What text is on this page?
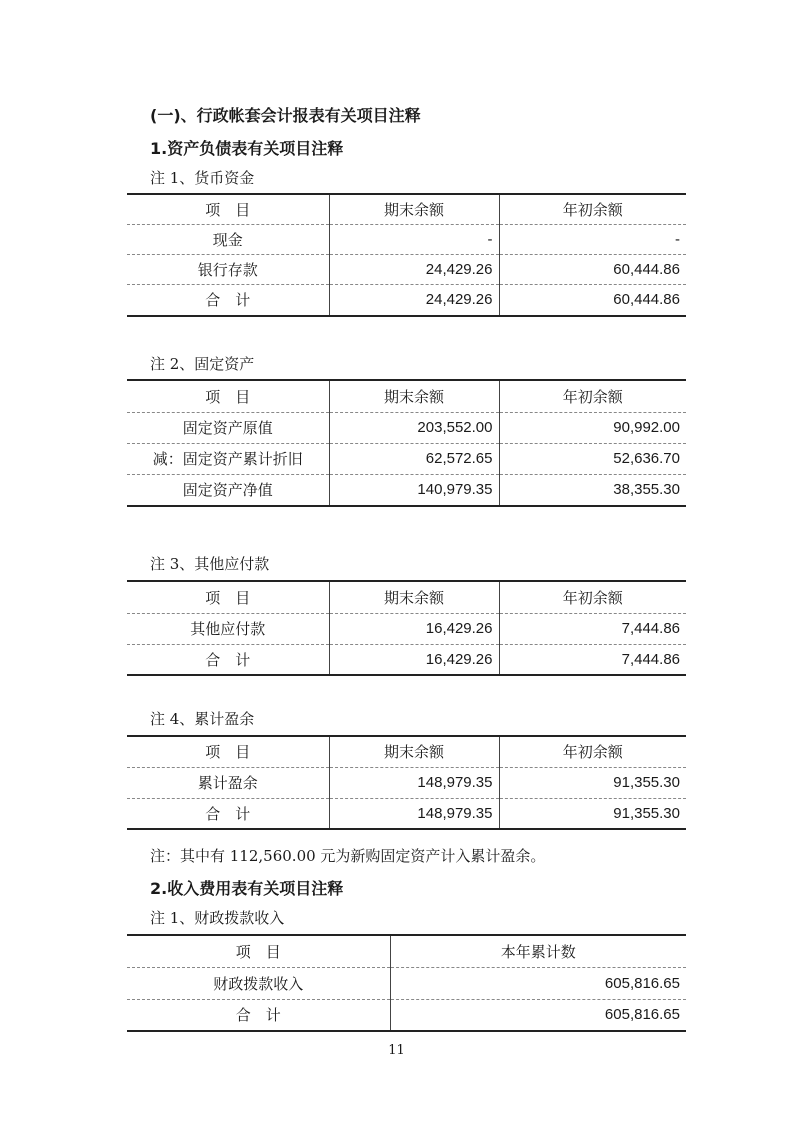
(一)、行政帐套会计报表有关项目注释
1.资产负债表有关项目注释
注 1、货币资金
项　目	期末余额	年初余额
现金	-	-
银行存款	24,429.26	60,444.86
合　计	24,429.26	60,444.86
注 2、固定资产
项　目	期末余额	年初余额
固定资产原值	203,552.00	90,992.00
减：固定资产累计折旧	62,572.65	52,636.70
固定资产净值	140,979.35	38,355.30
注 3、其他应付款
项　目	期末余额	年初余额
其他应付款	16,429.26	7,444.86
合　计	16,429.26	7,444.86
注 4、累计盈余
项　目	期末余额	年初余额
累计盈余	148,979.35	91,355.30
合　计	148,979.35	91,355.30
注：其中有 112,560.00 元为新购固定资产计入累计盈余。
2.收入费用表有关项目注释
注 1、财政拨款收入
项　目	本年累计数
财政拨款收入	605,816.65
合　计	605,816.65
11
